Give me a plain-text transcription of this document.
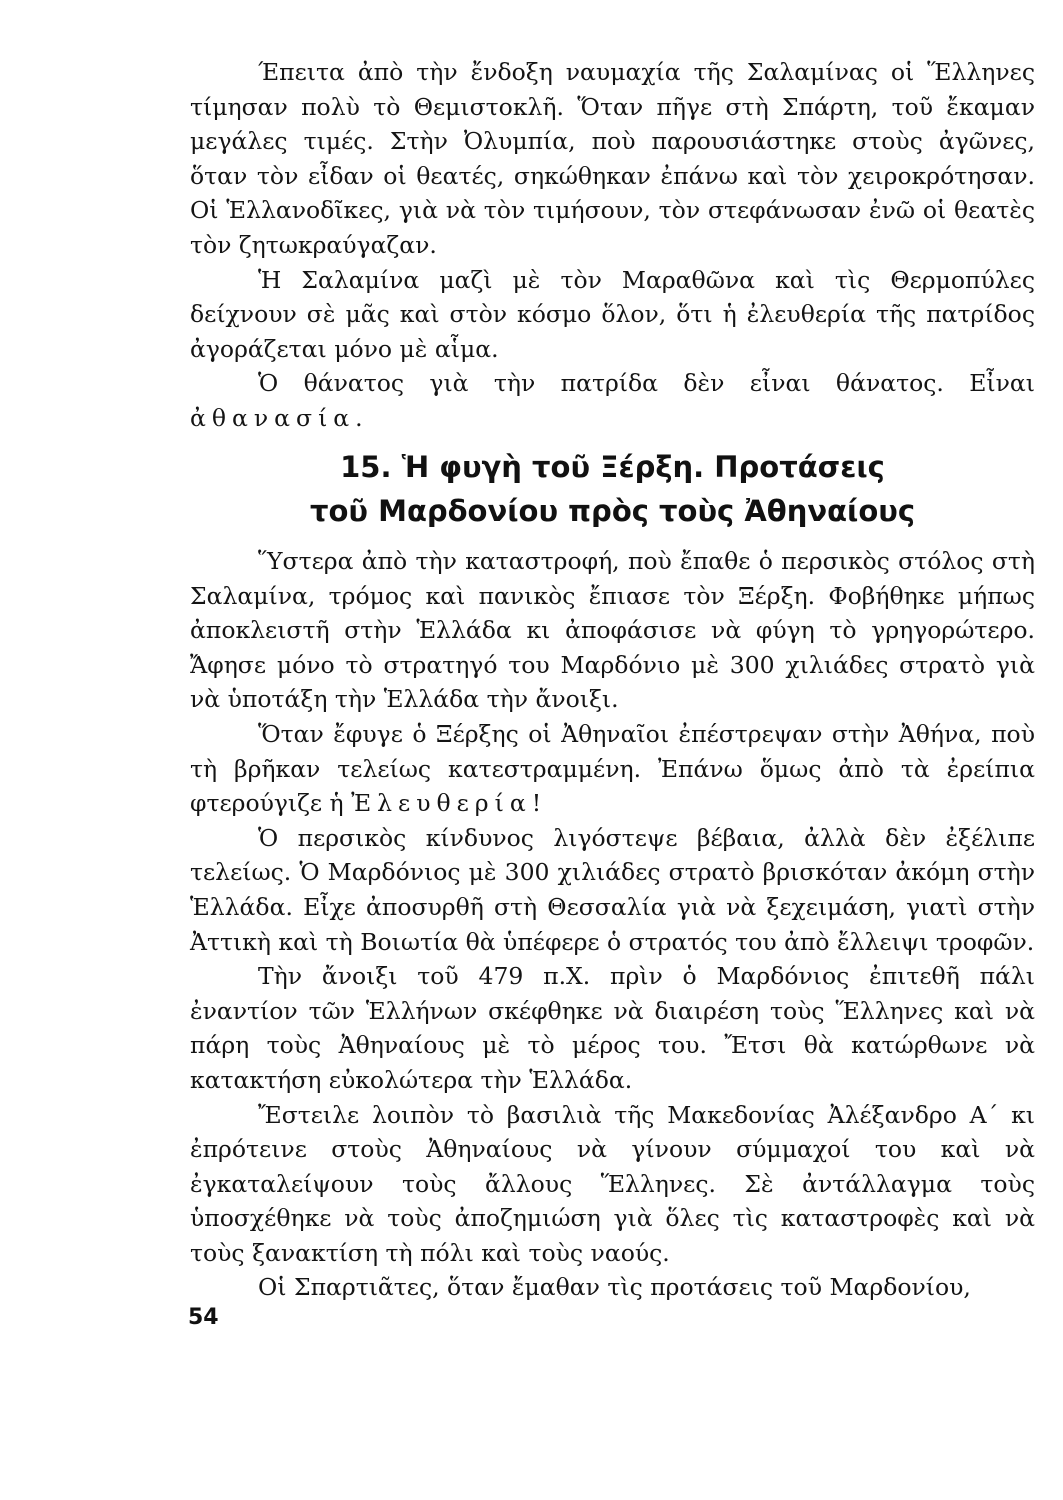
Έπειτα ἀπὸ τὴν ἔνδοξη ναυμαχία τῆς Σαλαμίνας οἱ Ἕλληνες τίμησαν πολὺ τὸ Θεμιστοκλῆ. Ὅταν πῆγε στὴ Σπάρτη, τοῦ ἔκαμαν μεγάλες τιμές. Στὴν Ὀλυμπία, ποὺ παρουσιάστηκε στοὺς ἀγῶνες, ὅταν τὸν εἶδαν οἱ θεατές, σηκώθηκαν ἐπάνω καὶ τὸν χειροκρότησαν. Οἱ Ἑλλανοδῖκες, γιὰ νὰ τὸν τιμήσουν, τὸν στεφάνωσαν ἐνῶ οἱ θεατὲς τὸν ζητωκραύγαζαν.

Ἡ Σαλαμίνα μαζὶ μὲ τὸν Μαραθῶνα καὶ τὶς Θερμοπύλες δείχνουν σὲ μᾶς καὶ στὸν κόσμο ὅλον, ὅτι ἡ ἐλευθερία τῆς πατρίδος ἀγοράζεται μόνο μὲ αἷμα.

Ὁ θάνατος γιὰ τὴν πατρίδα δὲν εἶναι θάνατος. Εἶναι ἀθανασία.

15. Ἡ φυγὴ τοῦ Ξέρξη. Προτάσεις
τοῦ Μαρδονίου πρὸς τοὺς Ἀθηναίους

Ὕστερα ἀπὸ τὴν καταστροφή, ποὺ ἔπαθε ὁ περσικὸς στόλος στὴ Σαλαμίνα, τρόμος καὶ πανικὸς ἔπιασε τὸν Ξέρξη. Φοβήθηκε μήπως ἀποκλειστῆ στὴν Ἑλλάδα κι ἀποφάσισε νὰ φύγη τὸ γρηγορώτερο. Ἄφησε μόνο τὸ στρατηγό του Μαρδόνιο μὲ 300 χιλιάδες στρατὸ γιὰ νὰ ὑποτάξη τὴν Ἑλλάδα τὴν ἄνοιξι.

Ὅταν ἔφυγε ὁ Ξέρξης οἱ Ἀθηναῖοι ἐπέστρεψαν στὴν Ἀθήνα, ποὺ τὴ βρῆκαν τελείως κατεστραμμένη. Ἐπάνω ὅμως ἀπὸ τὰ ἐρείπια φτερούγιζε ἡ Ἐλευθερία!

Ὁ περσικὸς κίνδυνος λιγόστεψε βέβαια, ἀλλὰ δὲν ἐξέλιπε τελείως. Ὁ Μαρδόνιος μὲ 300 χιλιάδες στρατὸ βρισκόταν ἀκόμη στὴν Ἑλλάδα. Εἶχε ἀποσυρθῆ στὴ Θεσσαλία γιὰ νὰ ξεχειμάση, γιατὶ στὴν Ἀττικὴ καὶ τὴ Βοιωτία θὰ ὑπέφερε ὁ στρατός του ἀπὸ ἔλλειψι τροφῶν.

Τὴν ἄνοιξι τοῦ 479 π.Χ. πρὶν ὁ Μαρδόνιος ἐπιτεθῆ πάλι ἐναντίον τῶν Ἑλλήνων σκέφθηκε νὰ διαιρέση τοὺς Ἕλληνες καὶ νὰ πάρη τοὺς Ἀθηναίους μὲ τὸ μέρος του. Ἔτσι θὰ κατώρθωνε νὰ κατακτήση εὐκολώτερα τὴν Ἑλλάδα.

Ἔστειλε λοιπὸν τὸ βασιλιὰ τῆς Μακεδονίας Ἀλέξανδρο Α΄ κι ἐπρότεινε στοὺς Ἀθηναίους νὰ γίνουν σύμμαχοί του καὶ νὰ ἐγκαταλείψουν τοὺς ἄλλους Ἕλληνες. Σὲ ἀντάλλαγμα τοὺς ὑποσχέθηκε νὰ τοὺς ἀποζημιώση γιὰ ὅλες τὶς καταστροφὲς καὶ νὰ τοὺς ξανακτίση τὴ πόλι καὶ τοὺς ναούς.

Οἱ Σπαρτιᾶτες, ὅταν ἔμαθαν τὶς προτάσεις τοῦ Μαρδονίου,

54
